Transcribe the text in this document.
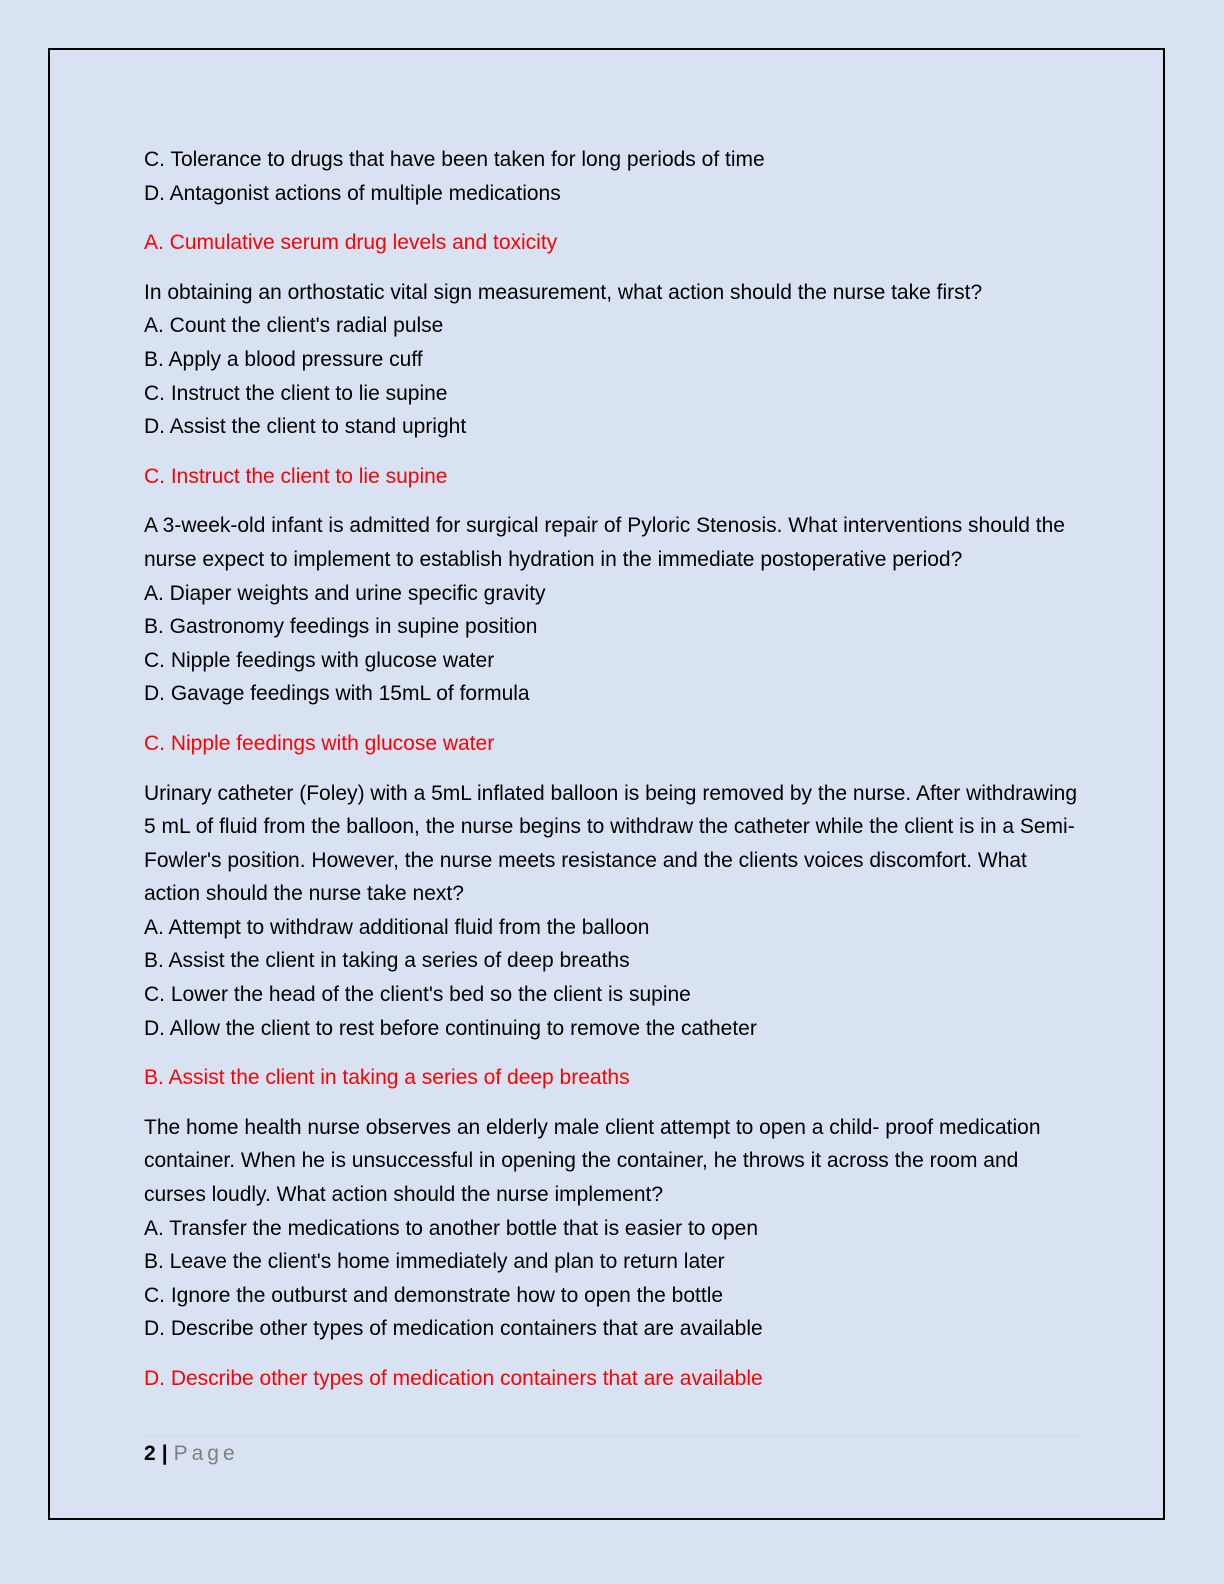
C. Tolerance to drugs that have been taken for long periods of time

D. Antagonist actions of multiple medications

A. Cumulative serum drug levels and toxicity

In obtaining an orthostatic vital sign measurement, what action should the nurse take first?

A. Count the client's radial pulse

B. Apply a blood pressure cuff

C. Instruct the client to lie supine

D. Assist the client to stand upright

C. Instruct the client to lie supine

A 3-week-old infant is admitted for surgical repair of Pyloric Stenosis. What interventions should the nurse expect to implement to establish hydration in the immediate postoperative period?

A. Diaper weights and urine specific gravity

B. Gastronomy feedings in supine position

C. Nipple feedings with glucose water

D. Gavage feedings with 15mL of formula

C. Nipple feedings with glucose water

Urinary catheter (Foley) with a 5mL inflated balloon is being removed by the nurse. After withdrawing 5 mL of fluid from the balloon, the nurse begins to withdraw the catheter while the client is in a Semi-Fowler's position. However, the nurse meets resistance and the clients voices discomfort. What action should the nurse take next?

A. Attempt to withdraw additional fluid from the balloon

B. Assist the client in taking a series of deep breaths

C. Lower the head of the client's bed so the client is supine

D. Allow the client to rest before continuing to remove the catheter

B. Assist the client in taking a series of deep breaths

The home health nurse observes an elderly male client attempt to open a child- proof medication container. When he is unsuccessful in opening the container, he throws it across the room and curses loudly. What action should the nurse implement?

A. Transfer the medications to another bottle that is easier to open

B. Leave the client's home immediately and plan to return later

C. Ignore the outburst and demonstrate how to open the bottle

D. Describe other types of medication containers that are available

D. Describe other types of medication containers that are available

2 | Page
